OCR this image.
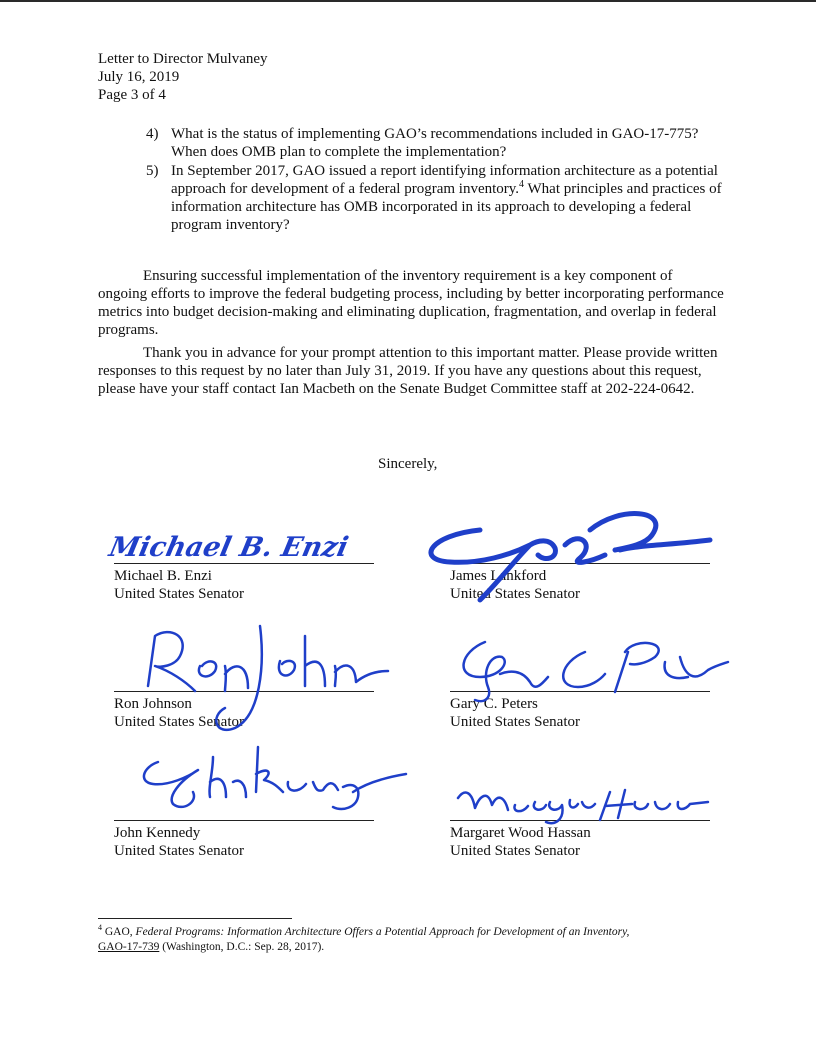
Letter to Director Mulvaney
July 16, 2019
Page 3 of 4
4) What is the status of implementing GAO’s recommendations included in GAO-17-775? When does OMB plan to complete the implementation?
5) In September 2017, GAO issued a report identifying information architecture as a potential approach for development of a federal program inventory.$^4$ What principles and practices of information architecture has OMB incorporated in its approach to developing a federal program inventory?

Ensuring successful implementation of the inventory requirement is a key component of ongoing efforts to improve the federal budgeting process, including by better incorporating performance metrics into budget decision-making and eliminating duplication, fragmentation, and overlap in federal programs.

Thank you in advance for your prompt attention to this important matter. Please provide written responses to this request by no later than July 31, 2019. If you have any questions about this request, please have your staff contact Ian Macbeth on the Senate Budget Committee staff at 202-224-0642.

Sincerely,
Michael B. Enzi
United States Senator
James Lankford
United States Senator
Ron Johnson
United States Senator
Gary C. Peters
United States Senator
John Kennedy
United States Senator
Margaret Wood Hassan
United States Senator
Michael B. Enzi
$^4$ GAO, Federal Programs: Information Architecture Offers a Potential Approach for Development of an Inventory,
GAO-17-739 (Washington, D.C.: Sep. 28, 2017).
